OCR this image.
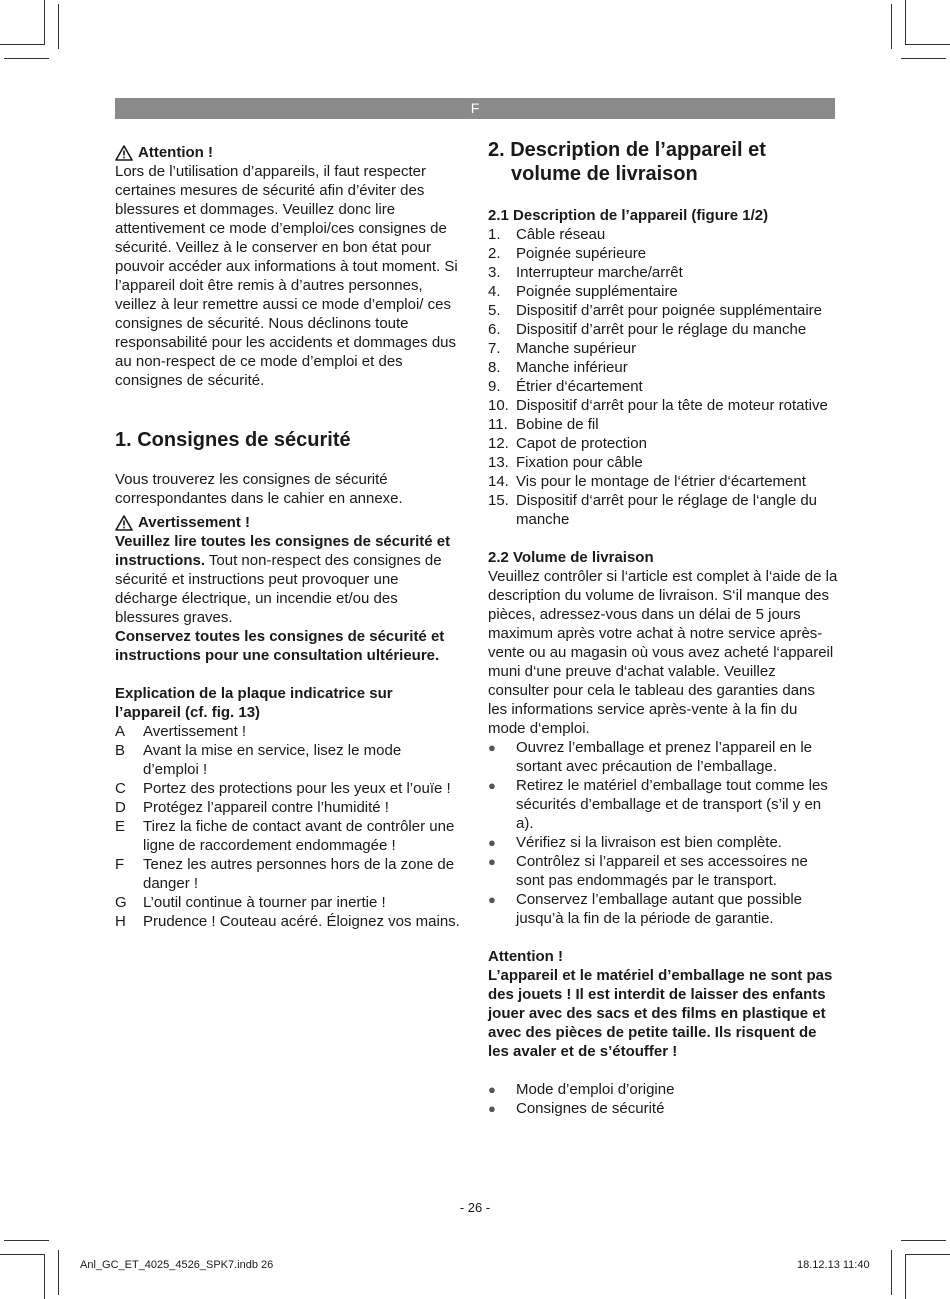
F
Attention !

Lors de l’utilisation d’appareils, il faut respecter certaines mesures de sécurité afin d’éviter des blessures et dommages. Veuillez donc lire attentivement ce mode d’emploi/ces consignes de sécurité. Veillez à le conserver en bon état pour pouvoir accéder aux informations à tout moment. Si l’appareil doit être remis à d’autres personnes, veillez à leur remettre aussi ce mode d’emploi/ ces consignes de sécurité. Nous déclinons toute responsabilité pour les accidents et dommages dus au non-respect de ce mode d’emploi et des consignes de sécurité.

1. Consignes de sécurité

Vous trouverez les consignes de sécurité correspondantes dans le cahier en annexe.

Avertissement !

Veuillez lire toutes les consignes de sécurité et instructions. Tout non-respect des consignes de sécurité et instructions peut provoquer une décharge électrique, un incendie et/ou des blessures graves.

Conservez toutes les consignes de sécurité et instructions pour une consultation ultérieure.

Explication de la plaque indicatrice sur l’appareil (cf. fig. 13)

A	Avertissement !
B	Avant la mise en service, lisez le mode d’emploi !
C	Portez des protections pour les yeux et l’ouïe !
D	Protégez l’appareil contre l’humidité !
E	Tirez la fiche de contact avant de contrôler une ligne de raccordement endommagée !
F	Tenez les autres personnes hors de la zone de danger !
G	L’outil continue à tourner par inertie !
H	Prudence ! Couteau acéré. Éloignez vos mains.
2. Description de l’appareil et volume de livraison

2.1 Description de l’appareil (figure 1/2)

1.	Câble réseau
2.	Poignée supérieure
3.	Interrupteur marche/arrêt
4.	Poignée supplémentaire
5.	Dispositif d’arrêt pour poignée supplémentaire
6.	Dispositif d’arrêt pour le réglage du manche
7.	Manche supérieur
8.	Manche inférieur
9.	Étrier d‘écartement
10. Dispositif d‘arrêt pour la tête de moteur rotative
11. Bobine de fil
12. Capot de protection
13. Fixation pour câble
14. Vis pour le montage de l‘étrier d‘écartement
15. Dispositif d‘arrêt pour le réglage de l‘angle du manche

2.2 Volume de livraison

Veuillez contrôler si l‘article est complet à l‘aide de la description du volume de livraison. S‘il manque des pièces, adressez-vous dans un délai de 5 jours maximum après votre achat à notre service après-vente ou au magasin où vous avez acheté l‘appareil muni d‘une preuve d‘achat valable. Veuillez consulter pour cela le tableau des garanties dans les informations service après-vente à la fin du mode d‘emploi.

●	Ouvrez l’emballage et prenez l’appareil en le sortant avec précaution de l’emballage.
●	Retirez le matériel d’emballage tout comme les sécurités d’emballage et de transport (s’il y en a).
●	Vérifiez si la livraison est bien complète.
●	Contrôlez si l’appareil et ses accessoires ne sont pas endommagés par le transport.
●	Conservez l’emballage autant que possible jusqu’à la fin de la période de garantie.

Attention !

L’appareil et le matériel d’emballage ne sont pas des jouets ! Il est interdit de laisser des enfants jouer avec des sacs et des films en plastique et avec des pièces de petite taille. Ils risquent de les avaler et de s’étouffer !

●	Mode d’emploi d’origine
●	Consignes de sécurité
- 26 -
Anl_GC_ET_4025_4526_SPK7.indb 26	18.12.13 11:40
